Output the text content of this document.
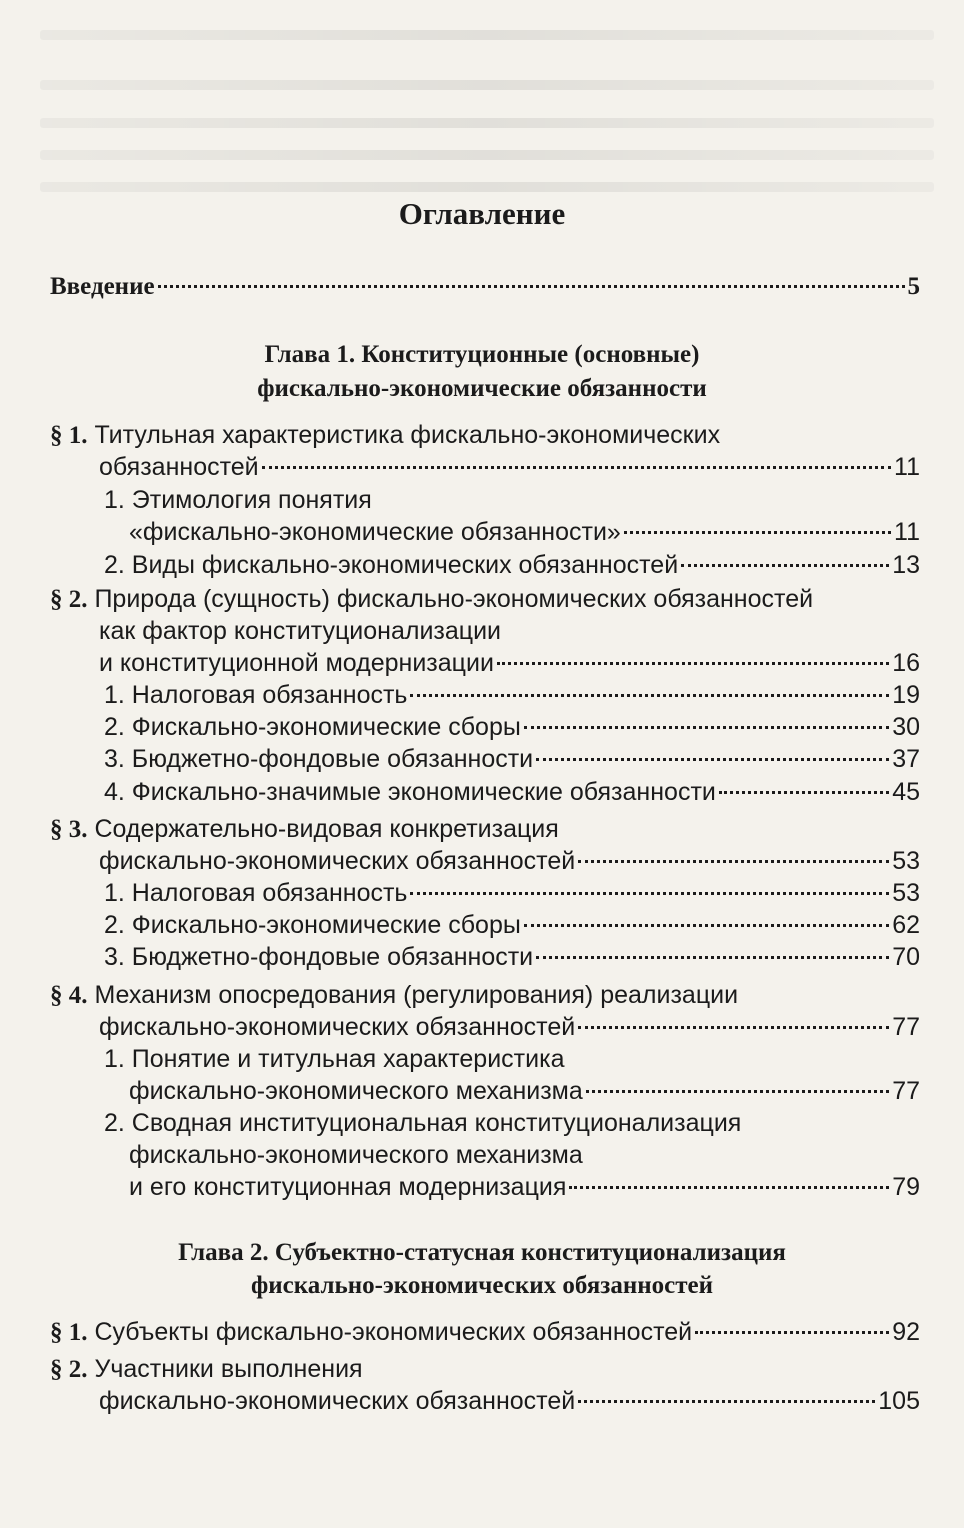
Оглавление
Введение	5
Глава 1. Конституционные (основные)
фискально-экономические обязанности
§ 1. Титульная характеристика фискально-экономических
обязанностей	11
1. Этимология понятия
«фискально-экономические обязанности»	11
2. Виды фискально-экономических обязанностей	13
§ 2. Природа (сущность) фискально-экономических обязанностей
как фактор конституционализации
и конституционной модернизации	16
1. Налоговая обязанность	19
2. Фискально-экономические сборы	30
3. Бюджетно-фондовые обязанности	37
4. Фискально-значимые экономические обязанности	45
§ 3. Содержательно-видовая конкретизация
фискально-экономических обязанностей	53
1. Налоговая обязанность	53
2. Фискально-экономические сборы	62
3. Бюджетно-фондовые обязанности	70
§ 4. Механизм опосредования (регулирования) реализации
фискально-экономических обязанностей	77
1. Понятие и титульная характеристика
фискально-экономического механизма	77
2. Сводная институциональная конституционализация
фискально-экономического механизма
и его конституционная модернизация	79
Глава 2. Субъектно-статусная конституционализация
фискально-экономических обязанностей
§ 1. Субъекты фискально-экономических обязанностей	92
§ 2. Участники выполнения
фискально-экономических обязанностей	105
